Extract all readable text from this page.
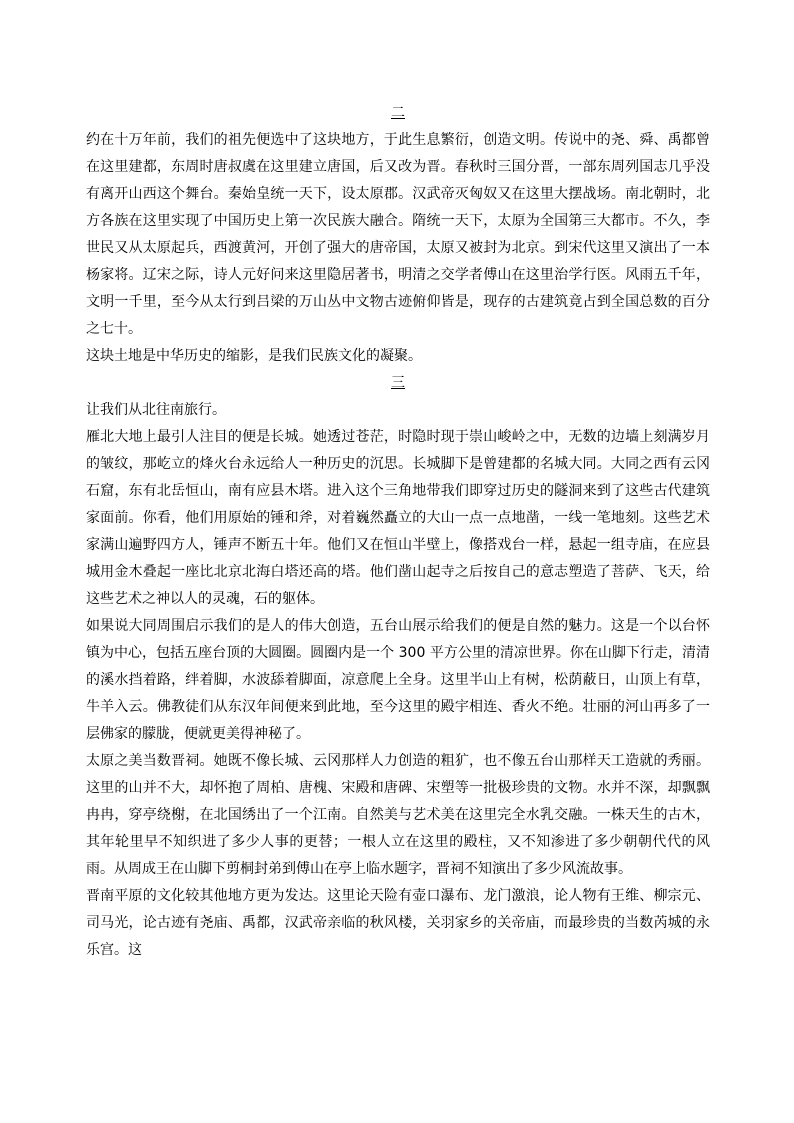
二

约在十万年前，我们的祖先便选中了这块地方，于此生息繁衍，创造文明。传说中的尧、舜、禹都曾在这里建都，东周时唐叔虞在这里建立唐国，后又改为晋。春秋时三国分晋，一部东周列国志几乎没有离开山西这个舞台。秦始皇统一天下，设太原郡。汉武帝灭匈奴又在这里大摆战场。南北朝时，北方各族在这里实现了中国历史上第一次民族大融合。隋统一天下，太原为全国第三大都市。不久，李世民又从太原起兵，西渡黄河，开创了强大的唐帝国，太原又被封为北京。到宋代这里又演出了一本杨家将。辽宋之际，诗人元好问来这里隐居著书，明清之交学者傅山在这里治学行医。风雨五千年，文明一千里，至今从太行到吕梁的万山丛中文物古迹俯仰皆是，现存的古建筑竟占到全国总数的百分之七十。

这块土地是中华历史的缩影，是我们民族文化的凝聚。

三

让我们从北往南旅行。

雁北大地上最引人注目的便是长城。她透过苍茫，时隐时现于崇山峻岭之中，无数的边墙上刻满岁月的皱纹，那屹立的烽火台永远给人一种历史的沉思。长城脚下是曾建都的名城大同。大同之西有云冈石窟，东有北岳恒山，南有应县木塔。进入这个三角地带我们即穿过历史的隧洞来到了这些古代建筑家面前。你看，他们用原始的锤和斧，对着巍然矗立的大山一点一点地凿，一线一笔地刻。这些艺术家满山遍野四方人，锤声不断五十年。他们又在恒山半壁上，像搭戏台一样，悬起一组寺庙，在应县城用金木叠起一座比北京北海白塔还高的塔。他们凿山起寺之后按自己的意志塑造了菩萨、飞天，给这些艺术之神以人的灵魂，石的躯体。

如果说大同周围启示我们的是人的伟大创造，五台山展示给我们的便是自然的魅力。这是一个以台怀镇为中心，包括五座台顶的大圆圈。圆圈内是一个 300 平方公里的清凉世界。你在山脚下行走，清清的溪水挡着路，绊着脚，水波舔着脚面，凉意爬上全身。这里半山上有树，松荫蔽日，山顶上有草，牛羊入云。佛教徒们从东汉年间便来到此地，至今这里的殿宇相连、香火不绝。壮丽的河山再多了一层佛家的朦胧，便就更美得神秘了。

太原之美当数晋祠。她既不像长城、云冈那样人力创造的粗犷，也不像五台山那样天工造就的秀丽。这里的山并不大，却怀抱了周柏、唐槐、宋殿和唐碑、宋塑等一批极珍贵的文物。水并不深，却飘飘冉冉，穿亭绕榭，在北国绣出了一个江南。自然美与艺术美在这里完全水乳交融。一株天生的古木，其年轮里早不知织进了多少人事的更替；一根人立在这里的殿柱，又不知渗进了多少朝朝代代的风雨。从周成王在山脚下剪桐封弟到傅山在亭上临水题字，晋祠不知演出了多少风流故事。

晋南平原的文化较其他地方更为发达。这里论天险有壶口瀑布、龙门激浪，论人物有王维、柳宗元、司马光，论古迹有尧庙、禹都，汉武帝亲临的秋风楼，关羽家乡的关帝庙，而最珍贵的当数芮城的永乐宫。这
